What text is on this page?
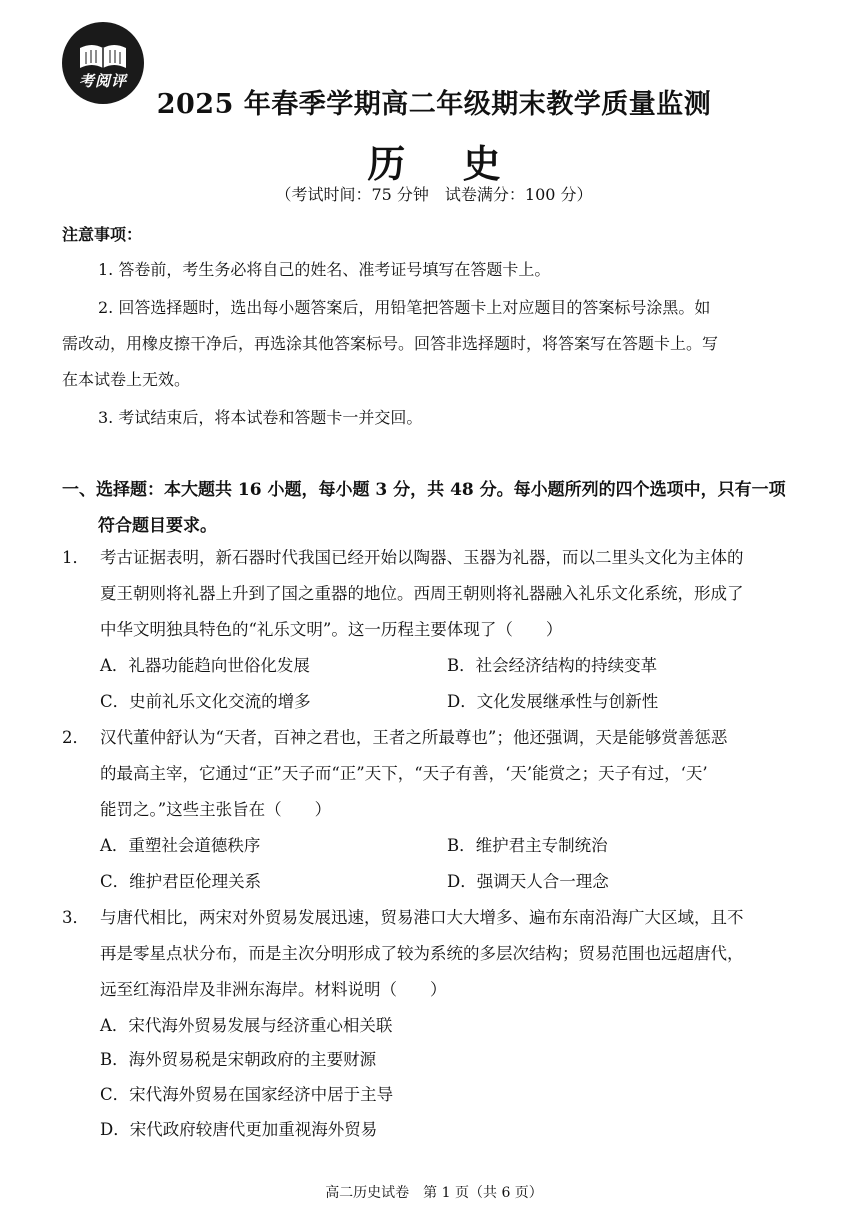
考阅评
2025 年春季学期高二年级期末教学质量监测
历 史
（考试时间：75 分钟　试卷满分：100 分）
注意事项：
1. 答卷前，考生务必将自己的姓名、准考证号填写在答题卡上。
2. 回答选择题时，选出每小题答案后，用铅笔把答题卡上对应题目的答案标号涂黑。如
需改动，用橡皮擦干净后，再选涂其他答案标号。回答非选择题时，将答案写在答题卡上。写
在本试卷上无效。
3. 考试结束后，将本试卷和答题卡一并交回。
一、选择题：本大题共 16 小题，每小题 3 分，共 48 分。每小题所列的四个选项中，只有一项
符合题目要求。
1． 考古证据表明，新石器时代我国已经开始以陶器、玉器为礼器，而以二里头文化为主体的
夏王朝则将礼器上升到了国之重器的地位。西周王朝则将礼器融入礼乐文化系统，形成了
中华文明独具特色的“礼乐文明”。这一历程主要体现了（　　）
A．礼器功能趋向世俗化发展	B．社会经济结构的持续变革
C．史前礼乐文化交流的增多	D．文化发展继承性与创新性
2． 汉代董仲舒认为“天者，百神之君也，王者之所最尊也”；他还强调，天是能够赏善惩恶
的最高主宰，它通过“正”天子而“正”天下，“天子有善，‘天’能赏之；天子有过，‘天’
能罚之。”这些主张旨在（　　）
A．重塑社会道德秩序	B．维护君主专制统治
C．维护君臣伦理关系	D．强调天人合一理念
3． 与唐代相比，两宋对外贸易发展迅速，贸易港口大大增多、遍布东南沿海广大区域，且不
再是零星点状分布，而是主次分明形成了较为系统的多层次结构；贸易范围也远超唐代，
远至红海沿岸及非洲东海岸。材料说明（　　）
A．宋代海外贸易发展与经济重心相关联
B．海外贸易税是宋朝政府的主要财源
C．宋代海外贸易在国家经济中居于主导
D．宋代政府较唐代更加重视海外贸易
高二历史试卷　第 1 页（共 6 页）
